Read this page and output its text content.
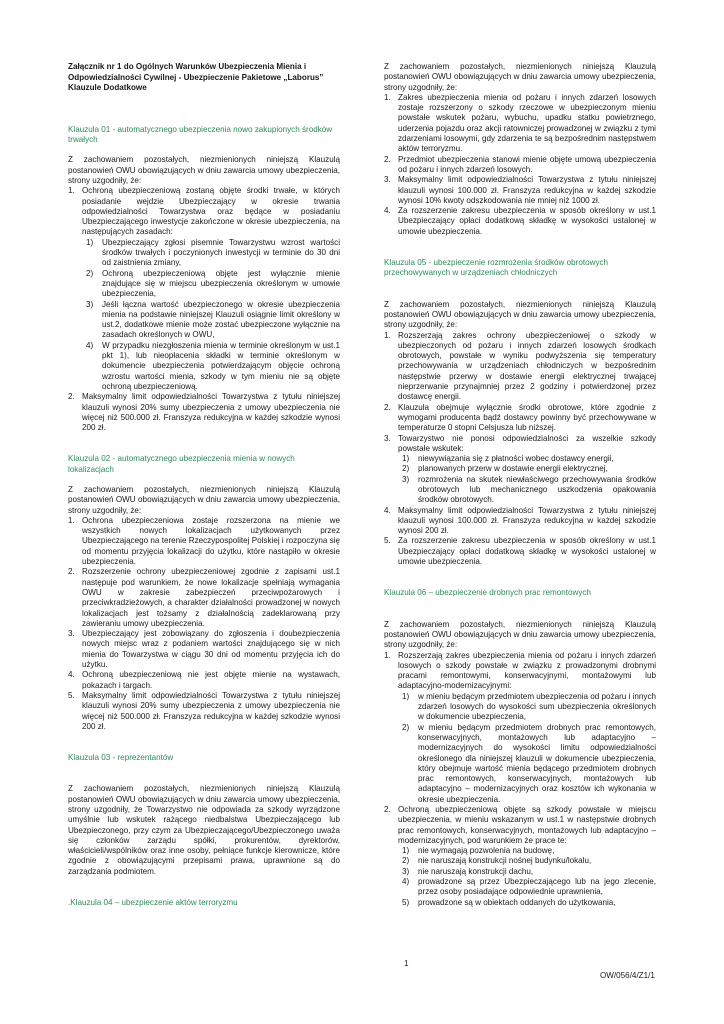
Załącznik nr 1 do Ogólnych Warunków Ubezpieczenia Mienia i
Odpowiedzialności Cywilnej - Ubezpieczenie Pakietowe „Laborus”
Klauzule Dodatkowe
Klauzula 01 - automatycznego ubezpieczenia nowo zakupionych środków trwałych
Z zachowaniem pozostałych, niezmienionych niniejszą Klauzulą postanowień OWU obowiązujących w dniu zawarcia umowy ubezpieczenia, strony uzgodniły, że:
1. Ochroną ubezpieczeniową zostaną objęte środki trwałe, w których posiadanie wejdzie Ubezpieczający w okresie trwania odpowiedzialności Towarzystwa oraz będące w posiadaniu Ubezpieczającego inwestycje zakończone w okresie ubezpieczenia, na następujących zasadach:
1) Ubezpieczający zgłosi pisemnie Towarzystwu wzrost wartości środków trwałych i poczynionych inwestycji w terminie do 30 dni od zaistnienia zmiany,
2) Ochroną ubezpieczeniową objęte jest wyłącznie mienie znajdujące się w miejscu ubezpieczenia określonym w umowie ubezpieczenia,
3) Jeśli łączna wartość ubezpieczonego w okresie ubezpieczenia mienia na podstawie niniejszej Klauzuli osiągnie limit określony w ust.2, dodatkowe mienie może zostać ubezpieczone wyłącznie na zasadach określonych w OWU,
4) W przypadku niezgłoszenia mienia w terminie określonym w ust.1 pkt 1), lub nieopłacenia składki w terminie określonym w dokumencie ubezpieczenia potwierdzającym objęcie ochroną wzrostu wartości mienia, szkody w tym mieniu nie są objęte ochroną ubezpieczeniową.
2. Maksymalny limit odpowiedzialności Towarzystwa z tytułu niniejszej klauzuli wynosi 20% sumy ubezpieczenia z umowy ubezpieczenia nie więcej niż 500.000 zł. Franszyza redukcyjna w każdej szkodzie wynosi 200 zł.
Klauzula 02 - automatycznego ubezpieczenia mienia w nowych lokalizacjach
Z zachowaniem pozostałych, niezmienionych niniejszą Klauzulą postanowień OWU obowiązujących w dniu zawarcia umowy ubezpieczenia, strony uzgodniły, że:
1. Ochrona ubezpieczeniowa zostaje rozszerzona na mienie we wszystkich nowych lokalizacjach użytkowanych przez Ubezpieczającego na terenie Rzeczypospolitej Polskiej i rozpoczyna się od momentu przyjęcia lokalizacji do użytku, które nastąpiło w okresie ubezpieczenia.
2. Rozszerzenie ochrony ubezpieczeniowej zgodnie z zapisami ust.1 następuje pod warunkiem, że nowe lokalizacje spełniają wymagania OWU w zakresie zabezpieczeń przeciwpożarowych i przeciwkradzieżowych, a charakter działalności prowadzonej w nowych lokalizacjach jest tożsamy z działalnością zadeklarowaną przy zawieraniu umowy ubezpieczenia.
3. Ubezpieczający jest zobowiązany do zgłoszenia i doubezpieczenia nowych miejsc wraz z podaniem wartości znajdującego się w nich mienia do Towarzystwa w ciągu 30 dni od momentu przyjęcia ich do użytku.
4. Ochroną ubezpieczeniową nie jest objęte mienie na wystawach, pokazach i targach.
5. Maksymalny limit odpowiedzialności Towarzystwa z tytułu niniejszej klauzuli wynosi 20% sumy ubezpieczenia z umowy ubezpieczenia nie więcej niż 500.000 zł. Franszyza redukcyjna w każdej szkodzie wynosi 200 zł.
Klauzula 03 - reprezentantów
Z zachowaniem pozostałych, niezmienionych niniejszą Klauzulą postanowień OWU obowiązujących w dniu zawarcia umowy ubezpieczenia, strony uzgodniły, że Towarzystwo nie odpowiada za szkody wyrządzone umyślnie lub wskutek rażącego niedbalstwa Ubezpieczającego lub Ubezpieczonego, przy czym za Ubezpieczającego/Ubezpieczonego uważa się członków zarządu spółki, prokurentów, dyrektorów, właścicieli/wspólników oraz inne osoby, pełniące funkcje kierownicze, które zgodnie z obowiązującymi przepisami prawa, uprawnione są do zarządzania podmiotem.
.Klauzula 04 – ubezpieczenie aktów terroryzmu
Z zachowaniem pozostałych, niezmienionych niniejszą Klauzulą postanowień OWU obowiązujących w dniu zawarcia umowy ubezpieczenia, strony uzgodniły, że:
1. Zakres ubezpieczenia mienia od pożaru i innych zdarzeń losowych zostaje rozszerzony o szkody rzeczowe w ubezpieczonym mieniu powstałe wskutek pożaru, wybuchu, upadku statku powietrznego, uderzenia pojazdu oraz akcji ratowniczej prowadzonej w związku z tymi zdarzeniami losowymi, gdy zdarzenia te są bezpośrednim następstwem aktów terroryzmu.
2. Przedmiot ubezpieczenia stanowi mienie objęte umową ubezpieczenia od pożaru i innych zdarzeń losowych.
3. Maksymalny limit odpowiedzialności Towarzystwa z tytułu niniejszej klauzuli wynosi 100.000 zł. Franszyza redukcyjna w każdej szkodzie wynosi 10% kwoty odszkodowania nie mniej niż 1000 zł.
4. Za rozszerzenie zakresu ubezpieczenia w sposób określony w ust.1 Ubezpieczający opłaci dodatkową składkę w wysokości ustalonej w umowie ubezpieczenia.
Klauzula 05 - ubezpieczenie rozmrożenia środków obrotowych przechowywanych w urządzeniach chłodniczych
Z zachowaniem pozostałych, niezmienionych niniejszą Klauzulą postanowień OWU obowiązujących w dniu zawarcia umowy ubezpieczenia, strony uzgodniły, że:
1. Rozszerzają zakres ochrony ubezpieczeniowej o szkody w ubezpieczonych od pożaru i innych zdarzeń losowych środkach obrotowych, powstałe w wyniku podwyższenia się temperatury przechowywania w urządzeniach chłodniczych w bezpośrednim następstwie przerwy w dostawie energii elektrycznej trwającej nieprzerwanie przynajmniej przez 2 godziny i potwierdzonej przez dostawcę energii.
2. Klauzula obejmuje wyłącznie środki obrotowe, które zgodnie z wymogami producenta bądź dostawcy powinny być przechowywane w temperaturze 0 stopni Celsjusza lub niższej.
3. Towarzystwo nie ponosi odpowiedzialności za wszelkie szkody powstałe wskutek:
1) niewywiązania się z płatności wobec dostawcy energii,
2) planowanych przerw w dostawie energii elektrycznej,
3) rozmrożenia na skutek niewłaściwego przechowywania środków obrotowych lub mechanicznego uszkodzenia opakowania środków obrotowych.
4. Maksymalny limit odpowiedzialności Towarzystwa z tytułu niniejszej klauzuli wynosi 100.000 zł. Franszyza redukcyjna w każdej szkodzie wynosi 200 zł.
5. Za rozszerzenie zakresu ubezpieczenia w sposób określony w ust.1 Ubezpieczający opłaci dodatkową składkę w wysokości ustalonej w umowie ubezpieczenia.
Klauzula 06 – ubezpieczenie drobnych prac remontowych
Z zachowaniem pozostałych, niezmienionych niniejszą Klauzulą postanowień OWU obowiązujących w dniu zawarcia umowy ubezpieczenia, strony uzgodniły, że:
1. Rozszerzają zakres ubezpieczenia mienia od pożaru i innych zdarzeń losowych o szkody powstałe w związku z prowadzonymi drobnymi pracami remontowymi, konserwacyjnymi, montażowymi lub adaptacyjno-modernizacyjnymi:
1) w mieniu będącym przedmiotem ubezpieczenia od pożaru i innych zdarzeń losowych do wysokości sum ubezpieczenia określonych w dokumencie ubezpieczenia,
2) w mieniu będącym przedmiotem drobnych prac remontowych, konserwacyjnych, montażowych lub adaptacyjno – modernizacyjnych do wysokości limitu odpowiedzialności określonego dla niniejszej klauzuli w dokumencie ubezpieczenia, który obejmuje wartość mienia będącego przedmiotem drobnych prac remontowych, konserwacyjnych, montażowych lub adaptacyjno – modernizacyjnych oraz kosztów ich wykonania w okresie ubezpieczenia.
2. Ochroną ubezpieczeniową objęte są szkody powstałe w miejscu ubezpieczenia, w mieniu wskazanym w ust.1 w następstwie drobnych prac remontowych, konserwacyjnych, montażowych lub adaptacyjno – modernizacyjnych, pod warunkiem że prace te:
1) nie wymagają pozwolenia na budowę,
2) nie naruszają konstrukcji nośnej budynku/lokalu,
3) nie naruszają konstrukcji dachu,
4) prowadzone są przez Ubezpieczającego lub na jego zlecenie, przez osoby posiadające odpowiednie uprawnienia,
5) prowadzone są w obiektach oddanych do użytkowania,
1
OW/056/4/Z1/1
